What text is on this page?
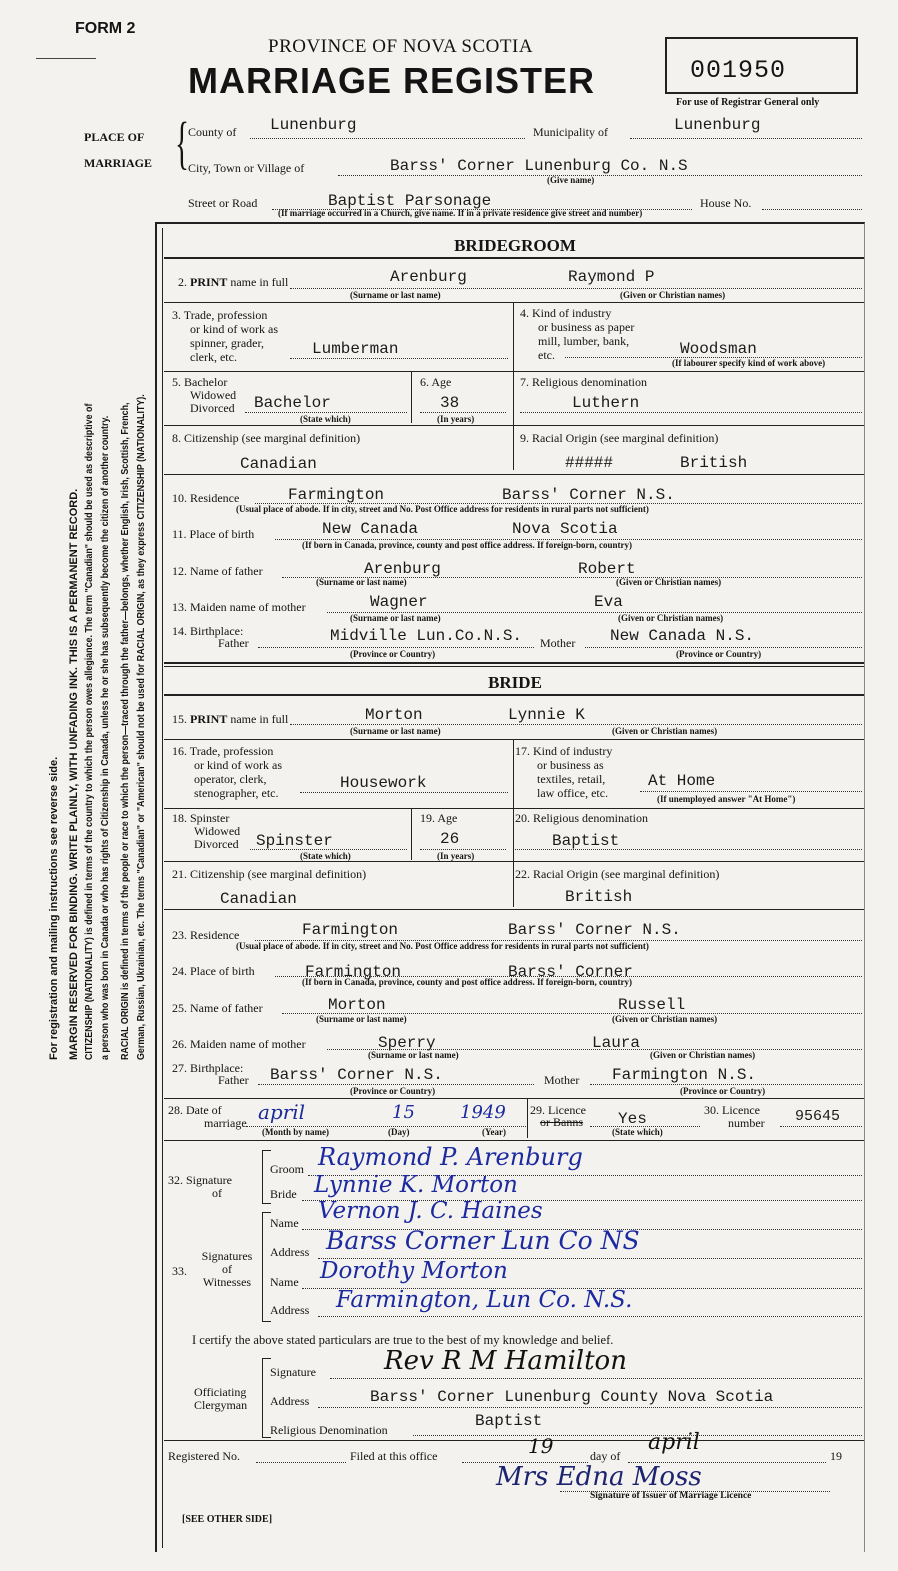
FORM 2
PROVINCE OF NOVA SCOTIA
MARRIAGE REGISTER	001950
For use of Registrar General only
PLACE OF
MARRIAGE { County of Lunenburg	Municipality of	Lunenburg
City, Town or Village of	Barss' Corner Lunenburg Co. N.S
(Give name)
Street or Road	Baptist Parsonage	House No.
(If marriage occurred in a Church, give name. If in a private residence give street and number)
For registration and mailing instructions see reverse side. MARGIN RESERVED FOR BINDING. WRITE PLAINLY, WITH UNFADING INK. THIS IS A PERMANENT RECORD. CITIZENSHIP (NATIONALITY) is defined in terms of the country to which the person owes allegiance. The term "Canadian" should be used as descriptive of a person who was born in Canada or who has rights of Citizenship in Canada, unless he or she has subsequently become the citizen of another country. RACIAL ORIGIN is defined in terms of the people or race to which the person—traced through the father—belongs, whether English, Irish, Scottish, French, German, Russian, Ukrainian, etc. The terms "Canadian" or "American" should not be used for RACIAL ORIGIN, as they express CITIZENSHIP (NATIONALITY).
BRIDEGROOM
2. PRINT name in full	Arenburg	Raymond P
(Surname or last name)	(Given or Christian names)
3. Trade, profession
or kind of work as
spinner, grader,
clerk, etc.	Lumberman
4. Kind of industry
or business as paper
mill, lumber, bank,
etc.	Woodsman
(If labourer specify kind of work above)
5. Bachelor
Widowed
Divorced Bachelor
(State which)
6. Age
38
(In years)
7. Religious denomination
Luthern
8. Citizenship (see marginal definition)
Canadian
9. Racial Origin (see marginal definition)
#####	British
10. Residence	Farmington	Barss' Corner N.S.
(Usual place of abode. If in city, street and No. Post Office address for residents in rural parts not sufficient)
11. Place of birth	New Canada	Nova Scotia
(If born in Canada, province, county and post office address. If foreign-born, country)
12. Name of father	Arenburg	Robert
(Surname or last name)	(Given or Christian names)
13. Maiden name of mother	Wagner	Eva
(Surname or last name)	(Given or Christian names)
14. Birthplace:
Father	Midville Lun.Co.N.S. Mother New Canada N.S.
(Province or Country)	(Province or Country)
BRIDE
15. PRINT name in full	Morton	Lynnie K
(Surname or last name)	(Given or Christian names)
16. Trade, profession
or kind of work as
operator, clerk,
stenographer, etc.
Housework
17. Kind of industry
or business as
textiles, retail,
law office, etc.
At Home
(If unemployed answer "At Home")
18. Spinster
Widowed
Divorced Spinster
(State which)
19. Age
26
(In years)
20. Religious denomination
Baptist
21. Citizenship (see marginal definition)
Canadian
22. Racial Origin (see marginal definition)
British
23. Residence	Farmington	Barss' Corner N.S.
(Usual place of abode. If in city, street and No. Post Office address for residents in rural parts not sufficient)
24. Place of birth	Farmington	Barss' Corner
(If born in Canada, province, county and post office address. If foreign-born, country)
25. Name of father	Morton	Russell
(Surname or last name)	(Given or Christian names)
26. Maiden name of mother	Sperry	Laura
(Surname or last name)	(Given or Christian names)
27. Birthplace:
Father Barss' Corner N.S.	Mother Farmington N.S.
(Province or Country)	(Province or Country)
28. Date of
marriage april	15	1949
(Month by name)	(Day)	(Year)
29. Licence
or Banns Yes
(State which)
30. Licence
number 95645
32. Signature
of
Groom Raymond P. Arenburg
Bride Lynnie K. Morton
33.
Signatures
of
Witnesses
Name Vernon J. C. Haines
Address Barss Corner Lun Co NS
Name Dorothy Morton
Address Farmington, Lun Co. N.S.
I certify the above stated particulars are true to the best of my knowledge and belief.
Officiating
Clergyman
Signature	Rev R M Hamilton
Address	Barss' Corner Lunenburg County Nova Scotia
Religious Denomination	Baptist
Registered No.	Filed at this office	19	day of
april
19
Mrs Edna Moss
Signature of Issuer of Marriage Licence
[SEE OTHER SIDE]
